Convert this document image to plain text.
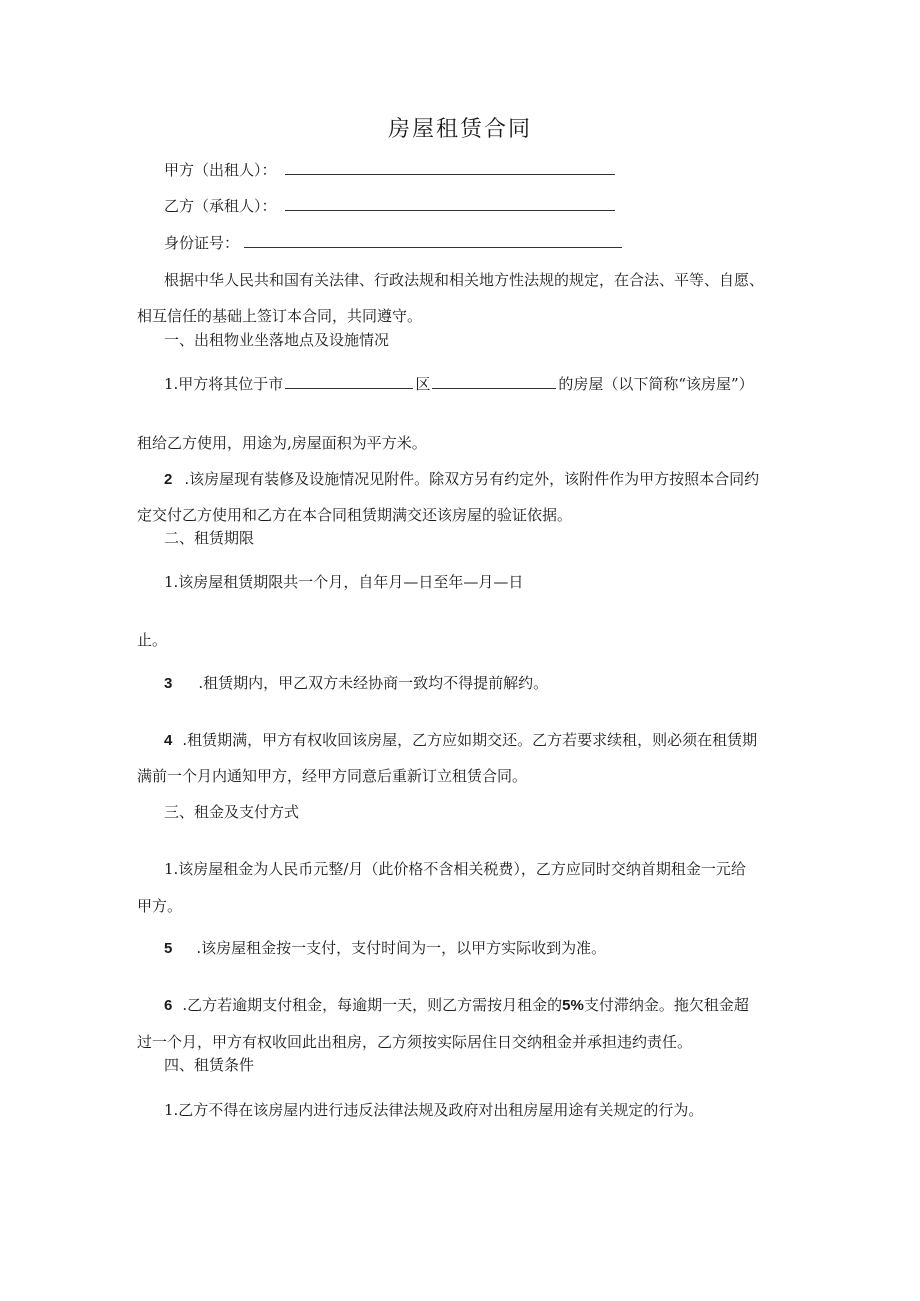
房屋租赁合同
甲方（出租人）：
乙方（承租人）：
身份证号：
根据中华人民共和国有关法律、行政法规和相关地方性法规的规定，在合法、平等、自愿、
相互信任的基础上签订本合同，共同遵守。
一、出租物业坐落地点及设施情况
1.甲方将其位于市	区	的房屋（以下简称“该房屋”）
租给乙方使用，用途为,房屋面积为平方米。
2 .该房屋现有装修及设施情况见附件。除双方另有约定外，该附件作为甲方按照本合同约
定交付乙方使用和乙方在本合同租赁期满交还该房屋的验证依据。
二、租赁期限
1.该房屋租赁期限共一个月，自年月—日至年—月—日
止。
3 .租赁期内，甲乙双方未经协商一致均不得提前解约。
4 .租赁期满，甲方有权收回该房屋，乙方应如期交还。乙方若要求续租，则必须在租赁期
满前一个月内通知甲方，经甲方同意后重新订立租赁合同。
三、租金及支付方式
1.该房屋租金为人民币元整/月（此价格不含相关税费），乙方应同时交纳首期租金一元给
甲方。
5 .该房屋租金按一支付，支付时间为一，以甲方实际收到为准。
6 .乙方若逾期支付租金，每逾期一天，则乙方需按月租金的5%支付滞纳金。拖欠租金超
过一个月，甲方有权收回此出租房，乙方须按实际居住日交纳租金并承担违约责任。
四、租赁条件
1.乙方不得在该房屋内进行违反法律法规及政府对出租房屋用途有关规定的行为。
